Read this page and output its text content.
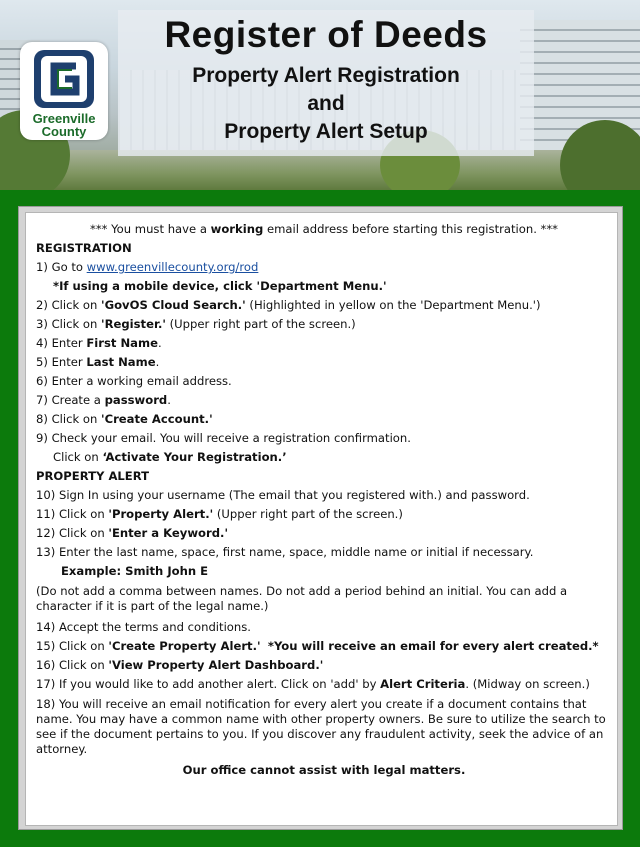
Register of Deeds
Property Alert Registration
and
Property Alert Setup
Greenville
County
*** You must have a working email address before starting this registration. ***
REGISTRATION
1) Go to www.greenvillecounty.org/rod
*If using a mobile device, click 'Department Menu.'
2) Click on 'GovOS Cloud Search.' (Highlighted in yellow on the 'Department Menu.')
3) Click on 'Register.' (Upper right part of the screen.)
4) Enter First Name.
5) Enter Last Name.
6) Enter a working email address.
7) Create a password.
8) Click on 'Create Account.'
9) Check your email. You will receive a registration confirmation.
Click on ‘Activate Your Registration.’
PROPERTY ALERT
10) Sign In using your username (The email that you registered with.) and password.
11) Click on 'Property Alert.' (Upper right part of the screen.)
12) Click on 'Enter a Keyword.'
13) Enter the last name, space, first name, space, middle name or initial if necessary.
Example: Smith John E
(Do not add a comma between names. Do not add a period behind an initial. You can add a character if it is part of the legal name.)
14) Accept the terms and conditions.
15) Click on 'Create Property Alert.' *You will receive an email for every alert created.*
16) Click on 'View Property Alert Dashboard.'
17) If you would like to add another alert. Click on 'add' by Alert Criteria. (Midway on screen.)
18) You will receive an email notification for every alert you create if a document contains that name. You may have a common name with other property owners. Be sure to utilize the search to see if the document pertains to you. If you discover any fraudulent activity, seek the advice of an attorney.
Our office cannot assist with legal matters.
